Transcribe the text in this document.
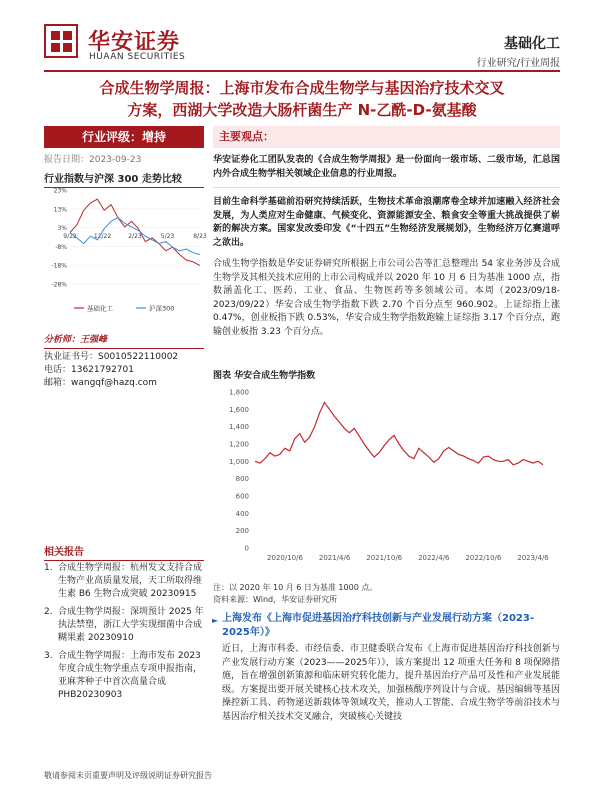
华安证券
HUAAN SECURITIES
基础化工
行业研究/行业周报
合成生物学周报：上海市发布合成生物学与基因治疗技术交叉
方案，西湖大学改造大肠杆菌生产 N-乙酰-D-氨基酸
行业评级：增持
报告日期：2023-09-23
行业指数与沪深 300 走势比较
23%
13%
3%
-8%
-18%
-28%
9/22	12/22	2/23	5/23	8/23
基础化工	沪深300
分析师：王强峰
执业证书号：S0010522110002
电话：13621792701
邮箱：wangqf@hazq.com
相关报告
1. 合成生物学周报：杭州发文支持合成生物产业高质量发展，天工所取得维生素 B6 生物合成突破 20230915
2. 合成生物学周报：深圳预计 2025 年执法禁塑，浙江大学实现细菌中合成糊果素 20230910
3. 合成生物学周报：上海市发布 2023 年度合成生物学重点专项申报指南，亚麻荠种子中首次高量合成 PHB20230903
主要观点：
华安证券化工团队发表的《合成生物学周报》是一份面向一级市场、二级市场，汇总国内外合成生物学相关领域企业信息的行业周报。
目前生命科学基础前沿研究持续活跃，生物技术革命浪潮席卷全球并加速融入经济社会发展，为人类应对生命健康、气候变化、资源能源安全、粮食安全等重大挑战提供了崭新的解决方案。国家发改委印发《“十四五”生物经济发展规划》，生物经济万亿赛道呼之欲出。
合成生物学指数是华安证券研究所根据上市公司公告等汇总整理出 54 家业务涉及合成生物学及其相关技术应用的上市公司构成并以 2020 年 10 月 6 日为基准 1000 点，指数涵盖化工、医药、工业、食品、生物医药等多领域公司。本周（2023/09/18-2023/09/22）华安合成生物学指数下跌 2.70 个百分点至 960.902。上证综指上涨 0.47%，创业板指下跌 0.53%，华安合成生物学指数跑输上证综指 3.17 个百分点，跑输创业板指 3.23 个百分点。
图表 华安合成生物学指数
0
200
400
600
800
1,000
1,200
1,400
1,600
1,800
2020/10/6 2021/4/6 2021/10/6 2022/4/6 2022/10/6 2023/4/6
注：以 2020 年 10 月 6 日为基准 1000 点。
资料来源：Wind，华安证券研究所
► 上海发布《上海市促进基因治疗科技创新与产业发展行动方案（2023-2025年）》
近日，上海市科委、市经信委、市卫健委联合发布《上海市促进基因治疗科技创新与产业发展行动方案（2023——2025年）》，该方案提出 12 项重大任务和 8 项保障措施，旨在增强创新策源和临床研究转化能力，提升基因治疗产品可及性和产业发展能级。方案提出要开展关键核心技术攻关，加强核酸序列设计与合成、基因编辑等基因操控新工具、药物递送新载体等领域攻关，推动人工智能、合成生物学等前沿技术与基因治疗相关技术交叉融合，突破核心关键技
敬请参阅末页重要声明及评级说明证券研究报告
